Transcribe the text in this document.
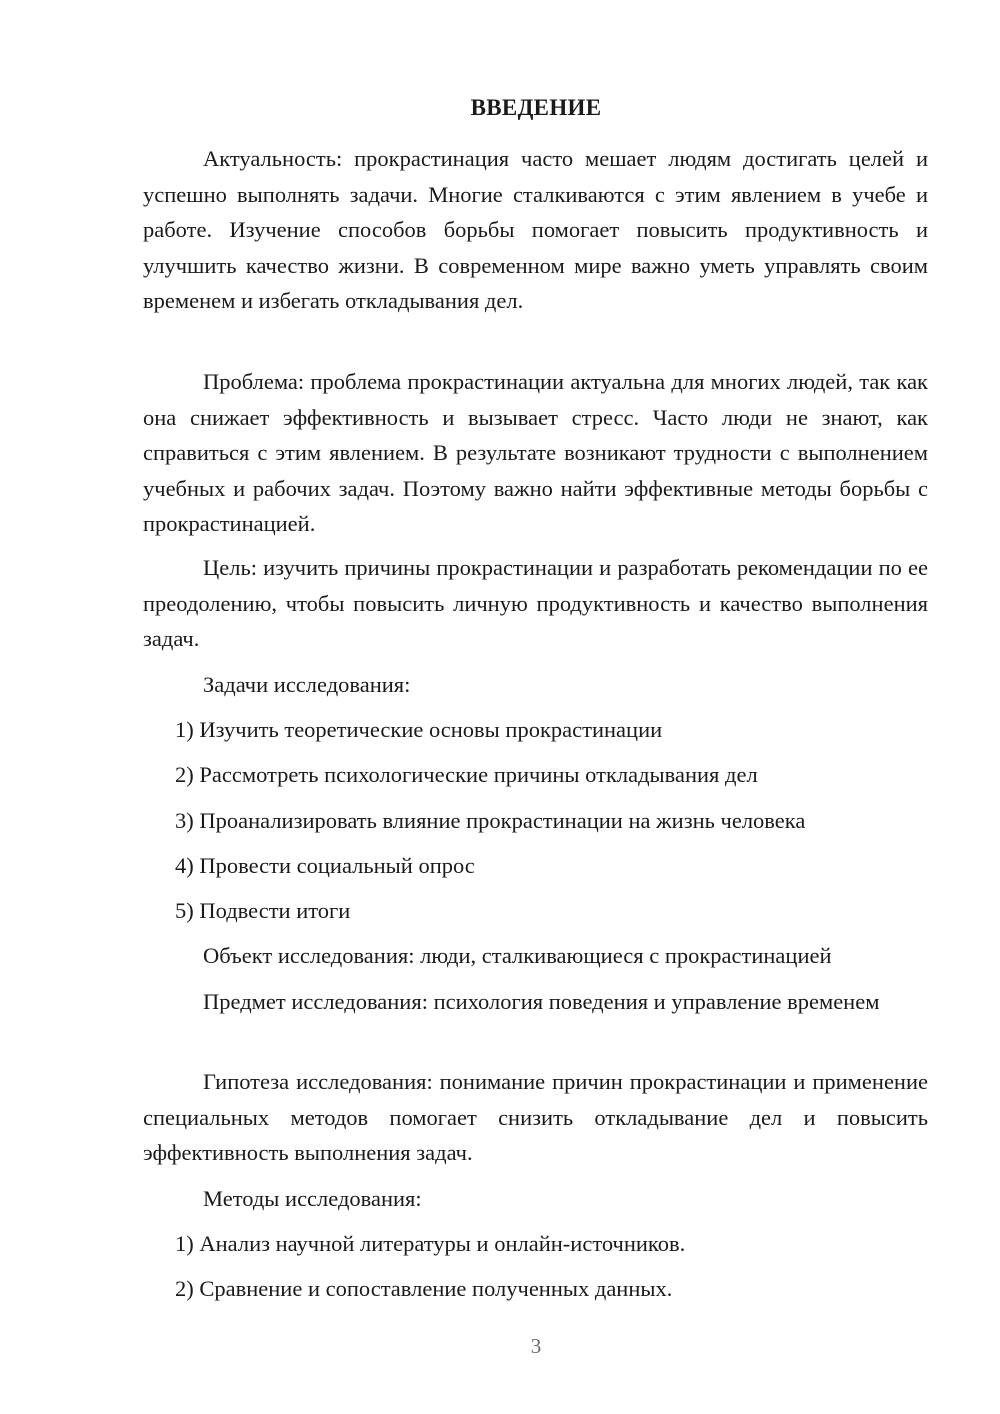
ВВЕДЕНИЕ

Актуальность: прокрастинация часто мешает людям достигать целей и успешно выполнять задачи. Многие сталкиваются с этим явлением в учебе и работе. Изучение способов борьбы помогает повысить продуктивность и улучшить качество жизни. В современном мире важно уметь управлять своим временем и избегать откладывания дел.

Проблема: проблема прокрастинации актуальна для многих людей, так как она снижает эффективность и вызывает стресс. Часто люди не знают, как справиться с этим явлением. В результате возникают трудности с выполнением учебных и рабочих задач. Поэтому важно найти эффективные методы борьбы с прокрастинацией.

Цель: изучить причины прокрастинации и разработать рекомендации по ее преодолению, чтобы повысить личную продуктивность и качество выполнения задач.

Задачи исследования:

1) Изучить теоретические основы прокрастинации

2) Рассмотреть психологические причины откладывания дел

3) Проанализировать влияние прокрастинации на жизнь человека

4) Провести социальный опрос

5) Подвести итоги

Объект исследования: люди, сталкивающиеся с прокрастинацией

Предмет исследования: психология поведения и управление временем

Гипотеза исследования: понимание причин прокрастинации и применение специальных методов помогает снизить откладывание дел и повысить эффективность выполнения задач.

Методы исследования:

1) Анализ научной литературы и онлайн-источников.

2) Сравнение и сопоставление полученных данных.

3
